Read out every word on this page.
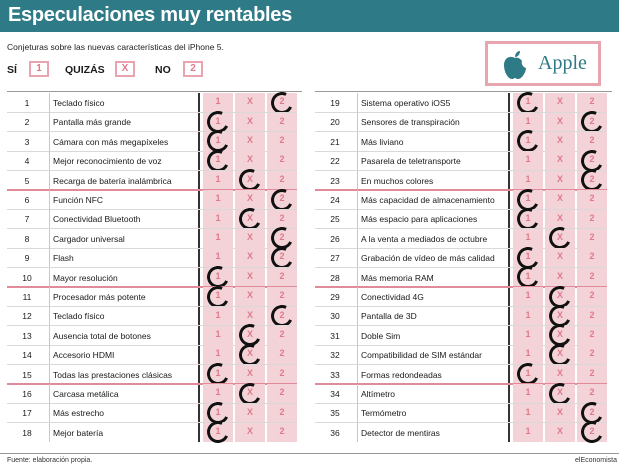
Especulaciones muy rentables
Conjeturas sobre las nuevas características del iPhone 5.
SÍ	1	QUIZÁS	X	NO	2	Apple
1	Teclado físico	1	X	2
2	Pantalla más grande	1	X	2
3	Cámara con más megapíxeles	1	X	2
4	Mejor reconocimiento de voz	1	X	2
5	Recarga de batería inalámbrica	1	X	2
6	Función NFC	1	X	2
7	Conectividad Bluetooth	1	X	2
8	Cargador universal	1	X	2
9	Flash	1	X	2
10	Mayor resolución	1	X	2
11	Procesador más potente	1	X	2
12	Teclado físico	1	X	2
13	Ausencia total de botones	1	X	2
14	Accesorio HDMI	1	X	2
15	Todas las prestaciones clásicas	1	X	2
16	Carcasa metálica	1	X	2
17	Más estrecho	1	X	2
18	Mejor batería	1	X	2
19	Sistema operativo iOS5	1	X	2
20	Sensores de transpiración	1	X	2
21	Más liviano	1	X	2
22	Pasarela de teletransporte	1	X	2
23	En muchos colores	1	X	2
24	Más capacidad de almacenamiento	1	X	2
25	Más espacio para aplicaciones	1	X	2
26	A la venta a mediados de octubre	1	X	2
27	Grabación de vídeo de más calidad	1	X	2
28	Más memoria RAM	1	X	2
29	Conectividad 4G	1	X	2
30	Pantalla de 3D	1	X	2
31	Doble Sim	1	X	2
32	Compatibilidad de SIM estándar	1	X	2
33	Formas redondeadas	1	X	2
34	Altímetro	1	X	2
35	Termómetro	1	X	2
36	Detector de mentiras	1	X	2
Fuente: elaboración propia.	elEconomista
